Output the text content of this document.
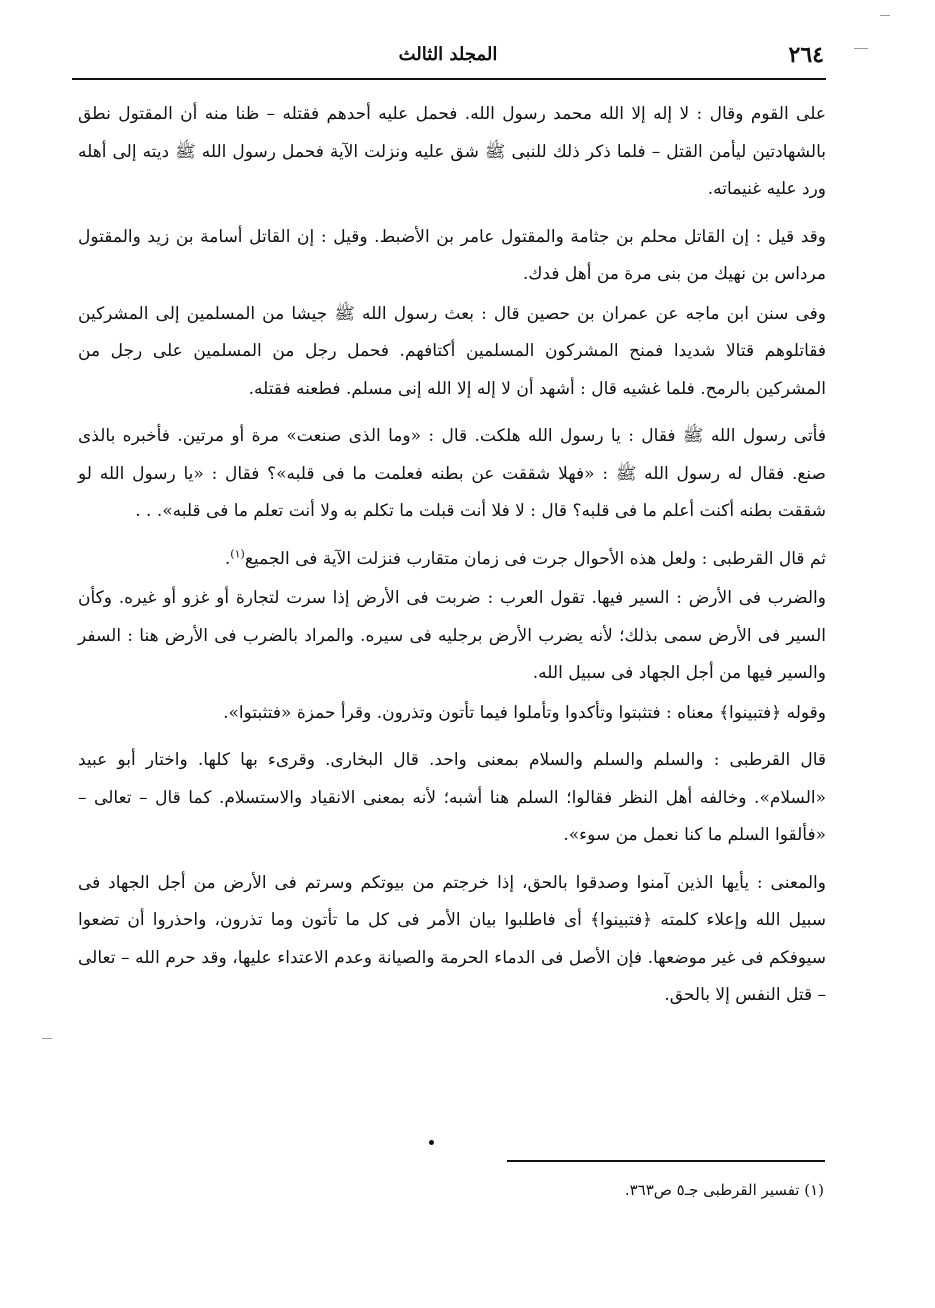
٢٦٤
المجلد الثالث

على القوم وقال : لا إله إلا الله محمد رسول الله. فحمل عليه أحدهم فقتله – ظنا منه أن المقتول نطق بالشهادتين ليأمن القتل – فلما ذكر ذلك للنبى ﷺ شق عليه ونزلت الآية فحمل رسول الله ﷺ ديته إلى أهله ورد عليه غنيماته.

وقد قيل : إن القاتل محلم بن جثامة والمقتول عامر بن الأضبط. وقيل : إن القاتل أسامة بن زيد والمقتول مرداس بن نهيك من بنى مرة من أهل فدك.

وفى سنن ابن ماجه عن عمران بن حصين قال : بعث رسول الله ﷺ جيشا من المسلمين إلى المشركين فقاتلوهم قتالا شديدا فمنح المشركون المسلمين أكتافهم. فحمل رجل من المسلمين على رجل من المشركين بالرمح. فلما غشيه قال : أشهد أن لا إله إلا الله إنى مسلم. فطعنه فقتله.

فأتى رسول الله ﷺ فقال : يا رسول الله هلكت. قال : «وما الذى صنعت» مرة أو مرتين. فأخبره بالذى صنع. فقال له رسول الله ﷺ : «فهلا شققت عن بطنه فعلمت ما فى قلبه»؟ فقال : «يا رسول الله لو شققت بطنه أكنت أعلم ما فى قلبه؟ قال : لا فلا أنت قبلت ما تكلم به ولا أنت تعلم ما فى قلبه». . .

ثم قال القرطبى : ولعل هذه الأحوال جرت فى زمان متقارب فنزلت الآية فى الجميع$^{(١)}$.

والضرب فى الأرض : السير فيها. تقول العرب : ضربت فى الأرض إذا سرت لتجارة أو غزو أو غيره. وكأن السير فى الأرض سمى بذلك؛ لأنه يضرب الأرض برجليه فى سيره. والمراد بالضرب فى الأرض هنا : السفر والسير فيها من أجل الجهاد فى سبيل الله.

وقوله ﴿فتبينوا﴾ معناه : فتثبتوا وتأكدوا وتأملوا فيما تأتون وتذرون. وقرأ حمزة «فتثبتوا».

قال القرطبى : والسلم والسلم والسلام بمعنى واحد. قال البخارى. وقرىء بها كلها. واختار أبو عبيد «السلام». وخالفه أهل النظر فقالوا؛ السلم هنا أشبه؛ لأنه بمعنى الانقياد والاستسلام. كما قال – تعالى – «فألقوا السلم ما كنا نعمل من سوء».

والمعنى : يأيها الذين آمنوا وصدقوا بالحق، إذا خرجتم من بيوتكم وسرتم فى الأرض من أجل الجهاد فى سبيل الله وإعلاء كلمته ﴿فتبينوا﴾ أى فاطلبوا بيان الأمر فى كل ما تأتون وما تذرون، واحذروا أن تضعوا سيوفكم فى غير موضعها. فإن الأصل فى الدماء الحرمة والصيانة وعدم الاعتداء عليها، وقد حرم الله – تعالى – قتل النفس إلا بالحق.

(١) تفسير القرطبى جـ٥ ص٣٦٣.
